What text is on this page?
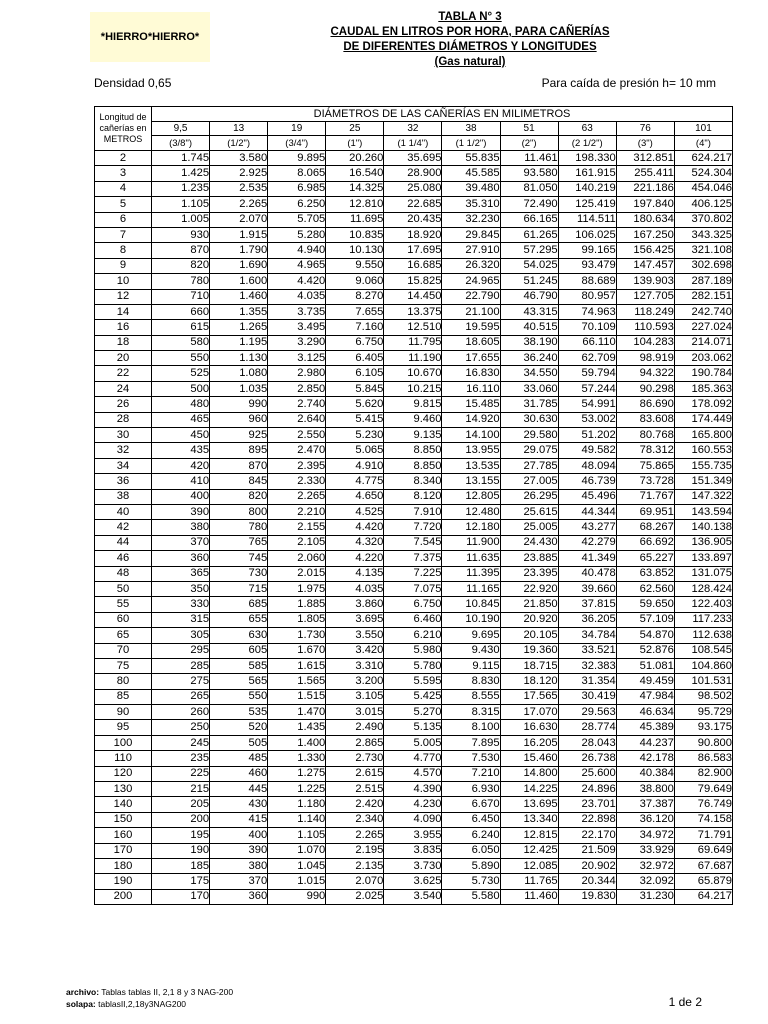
*HIERRO*HIERRO*
TABLA N° 3
CAUDAL EN LITROS POR HORA, PARA CAÑERÍAS
DE DIFERENTES DIÁMETROS Y LONGITUDES
(Gas natural)
Densidad 0,65	Para caída de presión h= 10 mm
Longitud de cañerías en METROS	DIÁMETROS DE LAS CAÑERÍAS EN MILIMETROS									
	9,5	13	19	25	32	38	51	63	76	101
	(3/8")	(1/2")	(3/4")	(1")	(1 1/4")	(1 1/2")	(2")	(2 1/2")	(3")	(4")
2	1.745	3.580	9.895	20.260	35.695	55.835	11.461	198.330	312.851	624.217
3	1.425	2.925	8.065	16.540	28.900	45.585	93.580	161.915	255.411	524.304
4	1.235	2.535	6.985	14.325	25.080	39.480	81.050	140.219	221.186	454.046
5	1.105	2.265	6.250	12.810	22.685	35.310	72.490	125.419	197.840	406.125
6	1.005	2.070	5.705	11.695	20.435	32.230	66.165	114.511	180.634	370.802
7	930	1.915	5.280	10.835	18.920	29.845	61.265	106.025	167.250	343.325
8	870	1.790	4.940	10.130	17.695	27.910	57.295	99.165	156.425	321.108
9	820	1.690	4.965	9.550	16.685	26.320	54.025	93.479	147.457	302.698
10	780	1.600	4.420	9.060	15.825	24.965	51.245	88.689	139.903	287.189
12	710	1.460	4.035	8.270	14.450	22.790	46.790	80.957	127.705	282.151
14	660	1.355	3.735	7.655	13.375	21.100	43.315	74.963	118.249	242.740
16	615	1.265	3.495	7.160	12.510	19.595	40.515	70.109	110.593	227.024
18	580	1.195	3.290	6.750	11.795	18.605	38.190	66.110	104.283	214.071
20	550	1.130	3.125	6.405	11.190	17.655	36.240	62.709	98.919	203.062
22	525	1.080	2.980	6.105	10.670	16.830	34.550	59.794	94.322	190.784
24	500	1.035	2.850	5.845	10.215	16.110	33.060	57.244	90.298	185.363
26	480	990	2.740	5.620	9.815	15.485	31.785	54.991	86.690	178.092
28	465	960	2.640	5.415	9.460	14.920	30.630	53.002	83.608	174.449
30	450	925	2.550	5.230	9.135	14.100	29.580	51.202	80.768	165.800
32	435	895	2.470	5.065	8.850	13.955	29.075	49.582	78.312	160.553
34	420	870	2.395	4.910	8.850	13.535	27.785	48.094	75.865	155.735
36	410	845	2.330	4.775	8.340	13.155	27.005	46.739	73.728	151.349
38	400	820	2.265	4.650	8.120	12.805	26.295	45.496	71.767	147.322
40	390	800	2.210	4.525	7.910	12.480	25.615	44.344	69.951	143.594
42	380	780	2.155	4.420	7.720	12.180	25.005	43.277	68.267	140.138
44	370	765	2.105	4.320	7.545	11.900	24.430	42.279	66.692	136.905
46	360	745	2.060	4.220	7.375	11.635	23.885	41.349	65.227	133.897
48	365	730	2.015	4.135	7.225	11.395	23.395	40.478	63.852	131.075
50	350	715	1.975	4.035	7.075	11.165	22.920	39.660	62.560	128.424
55	330	685	1.885	3.860	6.750	10.845	21.850	37.815	59.650	122.403
60	315	655	1.805	3.695	6.460	10.190	20.920	36.205	57.109	117.233
65	305	630	1.730	3.550	6.210	9.695	20.105	34.784	54.870	112.638
70	295	605	1.670	3.420	5.980	9.430	19.360	33.521	52.876	108.545
75	285	585	1.615	3.310	5.780	9.115	18.715	32.383	51.081	104.860
80	275	565	1.565	3.200	5.595	8.830	18.120	31.354	49.459	101.531
85	265	550	1.515	3.105	5.425	8.555	17.565	30.419	47.984	98.502
90	260	535	1.470	3.015	5.270	8.315	17.070	29.563	46.634	95.729
95	250	520	1.435	2.490	5.135	8.100	16.630	28.774	45.389	93.175
100	245	505	1.400	2.865	5.005	7.895	16.205	28.043	44.237	90.800
110	235	485	1.330	2.730	4.770	7.530	15.460	26.738	42.178	86.583
120	225	460	1.275	2.615	4.570	7.210	14.800	25.600	40.384	82.900
130	215	445	1.225	2.515	4.390	6.930	14.225	24.896	38.800	79.649
140	205	430	1.180	2.420	4.230	6.670	13.695	23.701	37.387	76.749
150	200	415	1.140	2.340	4.090	6.450	13.340	22.898	36.120	74.158
160	195	400	1.105	2.265	3.955	6.240	12.815	22.170	34.972	71.791
170	190	390	1.070	2.195	3.835	6.050	12.425	21.509	33.929	69.649
180	185	380	1.045	2.135	3.730	5.890	12.085	20.902	32.972	67.687
190	175	370	1.015	2.070	3.625	5.730	11.765	20.344	32.092	65.879
200	170	360	990	2.025	3.540	5.580	11.460	19.830	31.230	64.217
archivo: Tablas tablas II, 2,1 8 y 3 NAG-200
solapa: tablasII,2,18y3NAG200	1 de 2
